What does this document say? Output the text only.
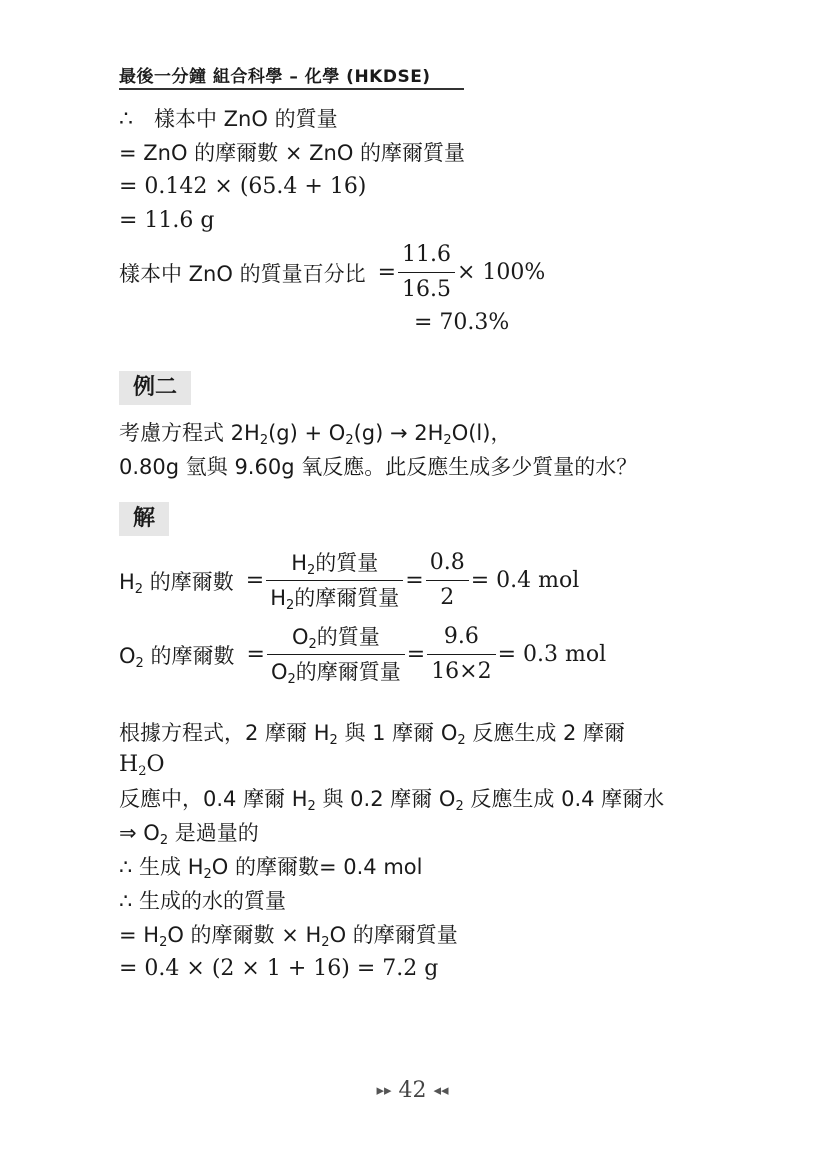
最後一分鐘 組合科學 – 化學 (HKDSE)
∴ 樣本中 ZnO 的質量
= ZnO 的摩爾數 × ZnO 的摩爾質量
= 0.142 × (65.4 + 16)
= 11.6 g
樣本中 ZnO 的質量百分比 = $\frac{11.6}{16.5} \times 100\%$
= 70.3%
例二
考慮方程式 $2H_2(g) + O_2(g) \to 2H_2O(l)$，
0.80g 氫與 9.60g 氧反應。此反應生成多少質量的水？
解
$H_2$ 的摩爾數 = $\frac{H_2的質量}{H_2的摩爾質量} = \frac{0.8}{2} = 0.4$ mol
$O_2$ 的摩爾數 = $\frac{O_2的質量}{O_2的摩爾質量} = \frac{9.6}{16\times 2} = 0.3$ mol
根據方程式，2 摩爾 $H_2$ 與 1 摩爾 $O_2$ 反應生成 2 摩爾
$H_2O$
反應中，0.4 摩爾 $H_2$ 與 0.2 摩爾 $O_2$ 反應生成 0.4 摩爾水
⇒ $O_2$ 是過量的
∴ 生成 $H_2O$ 的摩爾數= 0.4 mol
∴ 生成的水的質量
= $H_2O$ 的摩爾數 × $H_2O$ 的摩爾質量
= 0.4 × (2 × 1 + 16) = 7.2 g
▸▸ 42 ◂◂
